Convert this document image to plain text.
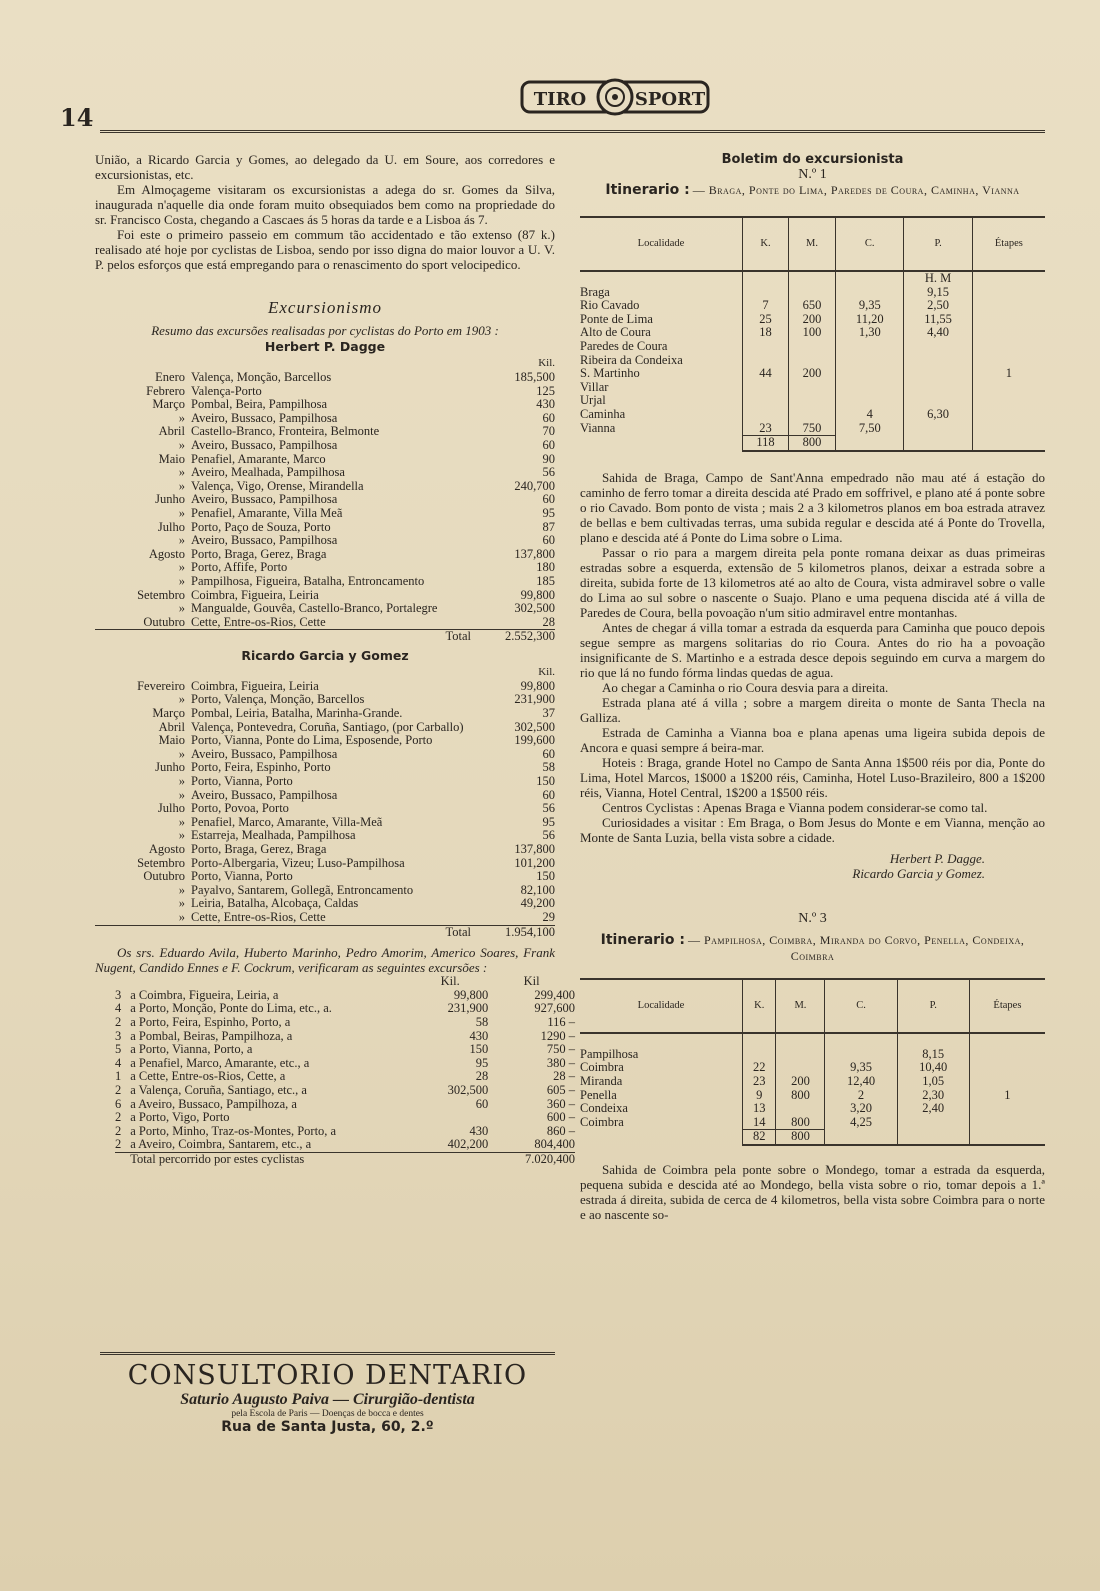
14
TIRO	SPORT

União, a Ricardo Garcia y Gomes, ao delegado da U. em Soure, aos corredores e excursionistas, etc.

Em Almoçageme visitaram os excursionistas a adega do sr. Gomes da Silva, inaugurada n'aquelle dia onde foram muito obsequiados bem como na propriedade do sr. Francisco Costa, chegando a Cascaes ás 5 horas da tarde e a Lisboa ás 7.

Foi este o primeiro passeio em commum tão accidentado e tão extenso (87 k.) realisado até hoje por cyclistas de Lisboa, sendo por isso digna do maior louvor a U. V. P. pelos esforços que está empregando para o renascimento do sport velocipedico.

Excursionismo
Resumo das excursões realisadas por cyclistas do Porto em 1903 :
Herbert P. Dagge
Kil.
Enero	Valença, Monção, Barcellos	185,500
Febrero	Valença-Porto	125
Março	Pombal, Beira, Pampilhosa	430
»	Aveiro, Bussaco, Pampilhosa	60
Abril	Castello-Branco, Fronteira, Belmonte	70
»	Aveiro, Bussaco, Pampilhosa	60
Maio	Penafiel, Amarante, Marco	90
»	Aveiro, Mealhada, Pampilhosa	56
»	Valença, Vigo, Orense, Mirandella	240,700
Junho	Aveiro, Bussaco, Pampilhosa	60
»	Penafiel, Amarante, Villa Meã	95
Julho	Porto, Paço de Souza, Porto	87
»	Aveiro, Bussaco, Pampilhosa	60
Agosto	Porto, Braga, Gerez, Braga	137,800
»	Porto, Affife, Porto	180
»	Pampilhosa, Figueira, Batalha, Entroncamento	185
Setembro	Coimbra, Figueira, Leiria	99,800
»	Mangualde, Gouvêa, Castello-Branco, Portalegre	302,500
Outubro	Cette, Entre-os-Rios, Cette	28
	Total	2.552,300
Ricardo Garcia y Gomez
Kil.
Fevereiro	Coimbra, Figueira, Leiria	99,800
»	Porto, Valença, Monção, Barcellos	231,900
Março	Pombal, Leiria, Batalha, Marinha-Grande.	37
Abril	Valença, Pontevedra, Coruña, Santiago, (por Carballo)	302,500
Maio	Porto, Vianna, Ponte do Lima, Esposende, Porto	199,600
»	Aveiro, Bussaco, Pampilhosa	60
Junho	Porto, Feira, Espinho, Porto	58
»	Porto, Vianna, Porto	150
»	Aveiro, Bussaco, Pampilhosa	60
Julho	Porto, Povoa, Porto	56
»	Penafiel, Marco, Amarante, Villa-Meã	95
»	Estarreja, Mealhada, Pampilhosa	56
Agosto	Porto, Braga, Gerez, Braga	137,800
Setembro	Porto-Albergaria, Vizeu; Luso-Pampilhosa	101,200
Outubro	Porto, Vianna, Porto	150
»	Payalvo, Santarem, Gollegã, Entroncamento	82,100
»	Leiria, Batalha, Alcobaça, Caldas	49,200
»	Cette, Entre-os-Rios, Cette	29
	Total	1.954,100

Os srs. Eduardo Avila, Huberto Marinho, Pedro Amorim, Americo Soares, Frank Nugent, Candido Ennes e F. Cockrum, verificaram as seguintes excursões :

		Kil.	Kil
3	a Coimbra, Figueira, Leiria, a	99,800	299,400
4	a Porto, Monção, Ponte do Lima, etc., a.	231,900	927,600
2	a Porto, Feira, Espinho, Porto, a	58	116 –
3	a Pombal, Beiras, Pampilhoza, a	430	1290 –
5	a Porto, Vianna, Porto, a	150	750 –
4	a Penafiel, Marco, Amarante, etc., a	95	380 –
1	a Cette, Entre-os-Rios, Cette, a	28	28 –
2	a Valença, Coruña, Santiago, etc., a	302,500	605 –
6	a Aveiro, Bussaco, Pampilhoza, a	60	360 –
2	a Porto, Vigo, Porto		600 –
2	a Porto, Minho, Traz-os-Montes, Porto, a	430	860 –
2	a Aveiro, Coimbra, Santarem, etc., a	402,200	804,400
	Total percorrido por estes cyclistas		7.020,400
CONSULTORIO DENTARIO
Saturio Augusto Paiva — Cirurgião-dentista
pela Escola de Paris — Doenças de bocca e dentes
Rua de Santa Justa, 60, 2.º
Boletim do excursionista
N.º 1
Itinerario : — Braga, Ponte do Lima, Paredes de Coura, Caminha, Vianna
Localidade	K.	M.	C.	P.	Étapes
				H. M	
Braga				9,15	
Rio Cavado	7	650	9,35	2,50	
Ponte de Lima	25	200	11,20	11,55	
Alto de Coura	18	100	1,30	4,40	
Paredes de Coura					
Ribeira da Condeixa					
S. Martinho	44	200			1
Villar					
Urjal					
Caminha			4	6,30	
Vianna	23	750	7,50		
	118	800			

Sahida de Braga, Campo de Sant'Anna empedrado não mau até á estação do caminho de ferro tomar a direita descida até Prado em soffrivel, e plano até á ponte sobre o rio Cavado. Bom ponto de vista ; mais 2 a 3 kilometros planos em boa estrada atravez de bellas e bem cultivadas terras, uma subida regular e descida até á Ponte do Trovella, plano e descida até á Ponte do Lima sobre o Lima.

Passar o rio para a margem direita pela ponte romana deixar as duas primeiras estradas sobre a esquerda, extensão de 5 kilometros planos, deixar a estrada sobre a direita, subida forte de 13 kilometros até ao alto de Coura, vista admiravel sobre o valle do Lima ao sul sobre o nascente o Suajo. Plano e uma pequena discida até á villa de Paredes de Coura, bella povoação n'um sitio admiravel entre montanhas.

Antes de chegar á villa tomar a estrada da esquerda para Caminha que pouco depois segue sempre as margens solitarias do rio Coura. Antes do rio ha a povoação insignificante de S. Martinho e a estrada desce depois seguindo em curva a margem do rio que lá no fundo fórma lindas quedas de agua.

Ao chegar a Caminha o rio Coura desvia para a direita.

Estrada plana até á villa ; sobre a margem direita o monte de Santa Thecla na Galliza.

Estrada de Caminha a Vianna boa e plana apenas uma ligeira subida depois de Ancora e quasi sempre á beira-mar.

Hoteis : Braga, grande Hotel no Campo de Santa Anna 1$500 réis por dia, Ponte do Lima, Hotel Marcos, 1$000 a 1$200 réis, Caminha, Hotel Luso-Brazileiro, 800 a 1$200 réis, Vianna, Hotel Central, 1$200 a 1$500 réis.

Centros Cyclistas : Apenas Braga e Vianna podem considerar-se como tal.

Curiosidades a visitar : Em Braga, o Bom Jesus do Monte e em Vianna, menção ao Monte de Santa Luzia, bella vista sobre a cidade.

Herbert P. Dagge.
Ricardo Garcia y Gomez.
N.º 3
Itinerario : — Pampilhosa, Coimbra, Miranda do Corvo, Penella, Condeixa, Coimbra
Localidade	K.	M.	C.	P.	Étapes

Pampilhosa				8,15	
Coimbra	22		9,35	10,40	
Miranda	23	200	12,40	1,05	
Penella	9	800	2	2,30	1
Condeixa	13		3,20	2,40	
Coimbra	14	800	4,25		
	82	800			

Sahida de Coimbra pela ponte sobre o Mondego, tomar a estrada da esquerda, pequena subida e descida até ao Mondego, bella vista sobre o rio, tomar depois a 1.ª estrada á direita, subida de cerca de 4 kilometros, bella vista sobre Coimbra para o norte e ao nascente so-
